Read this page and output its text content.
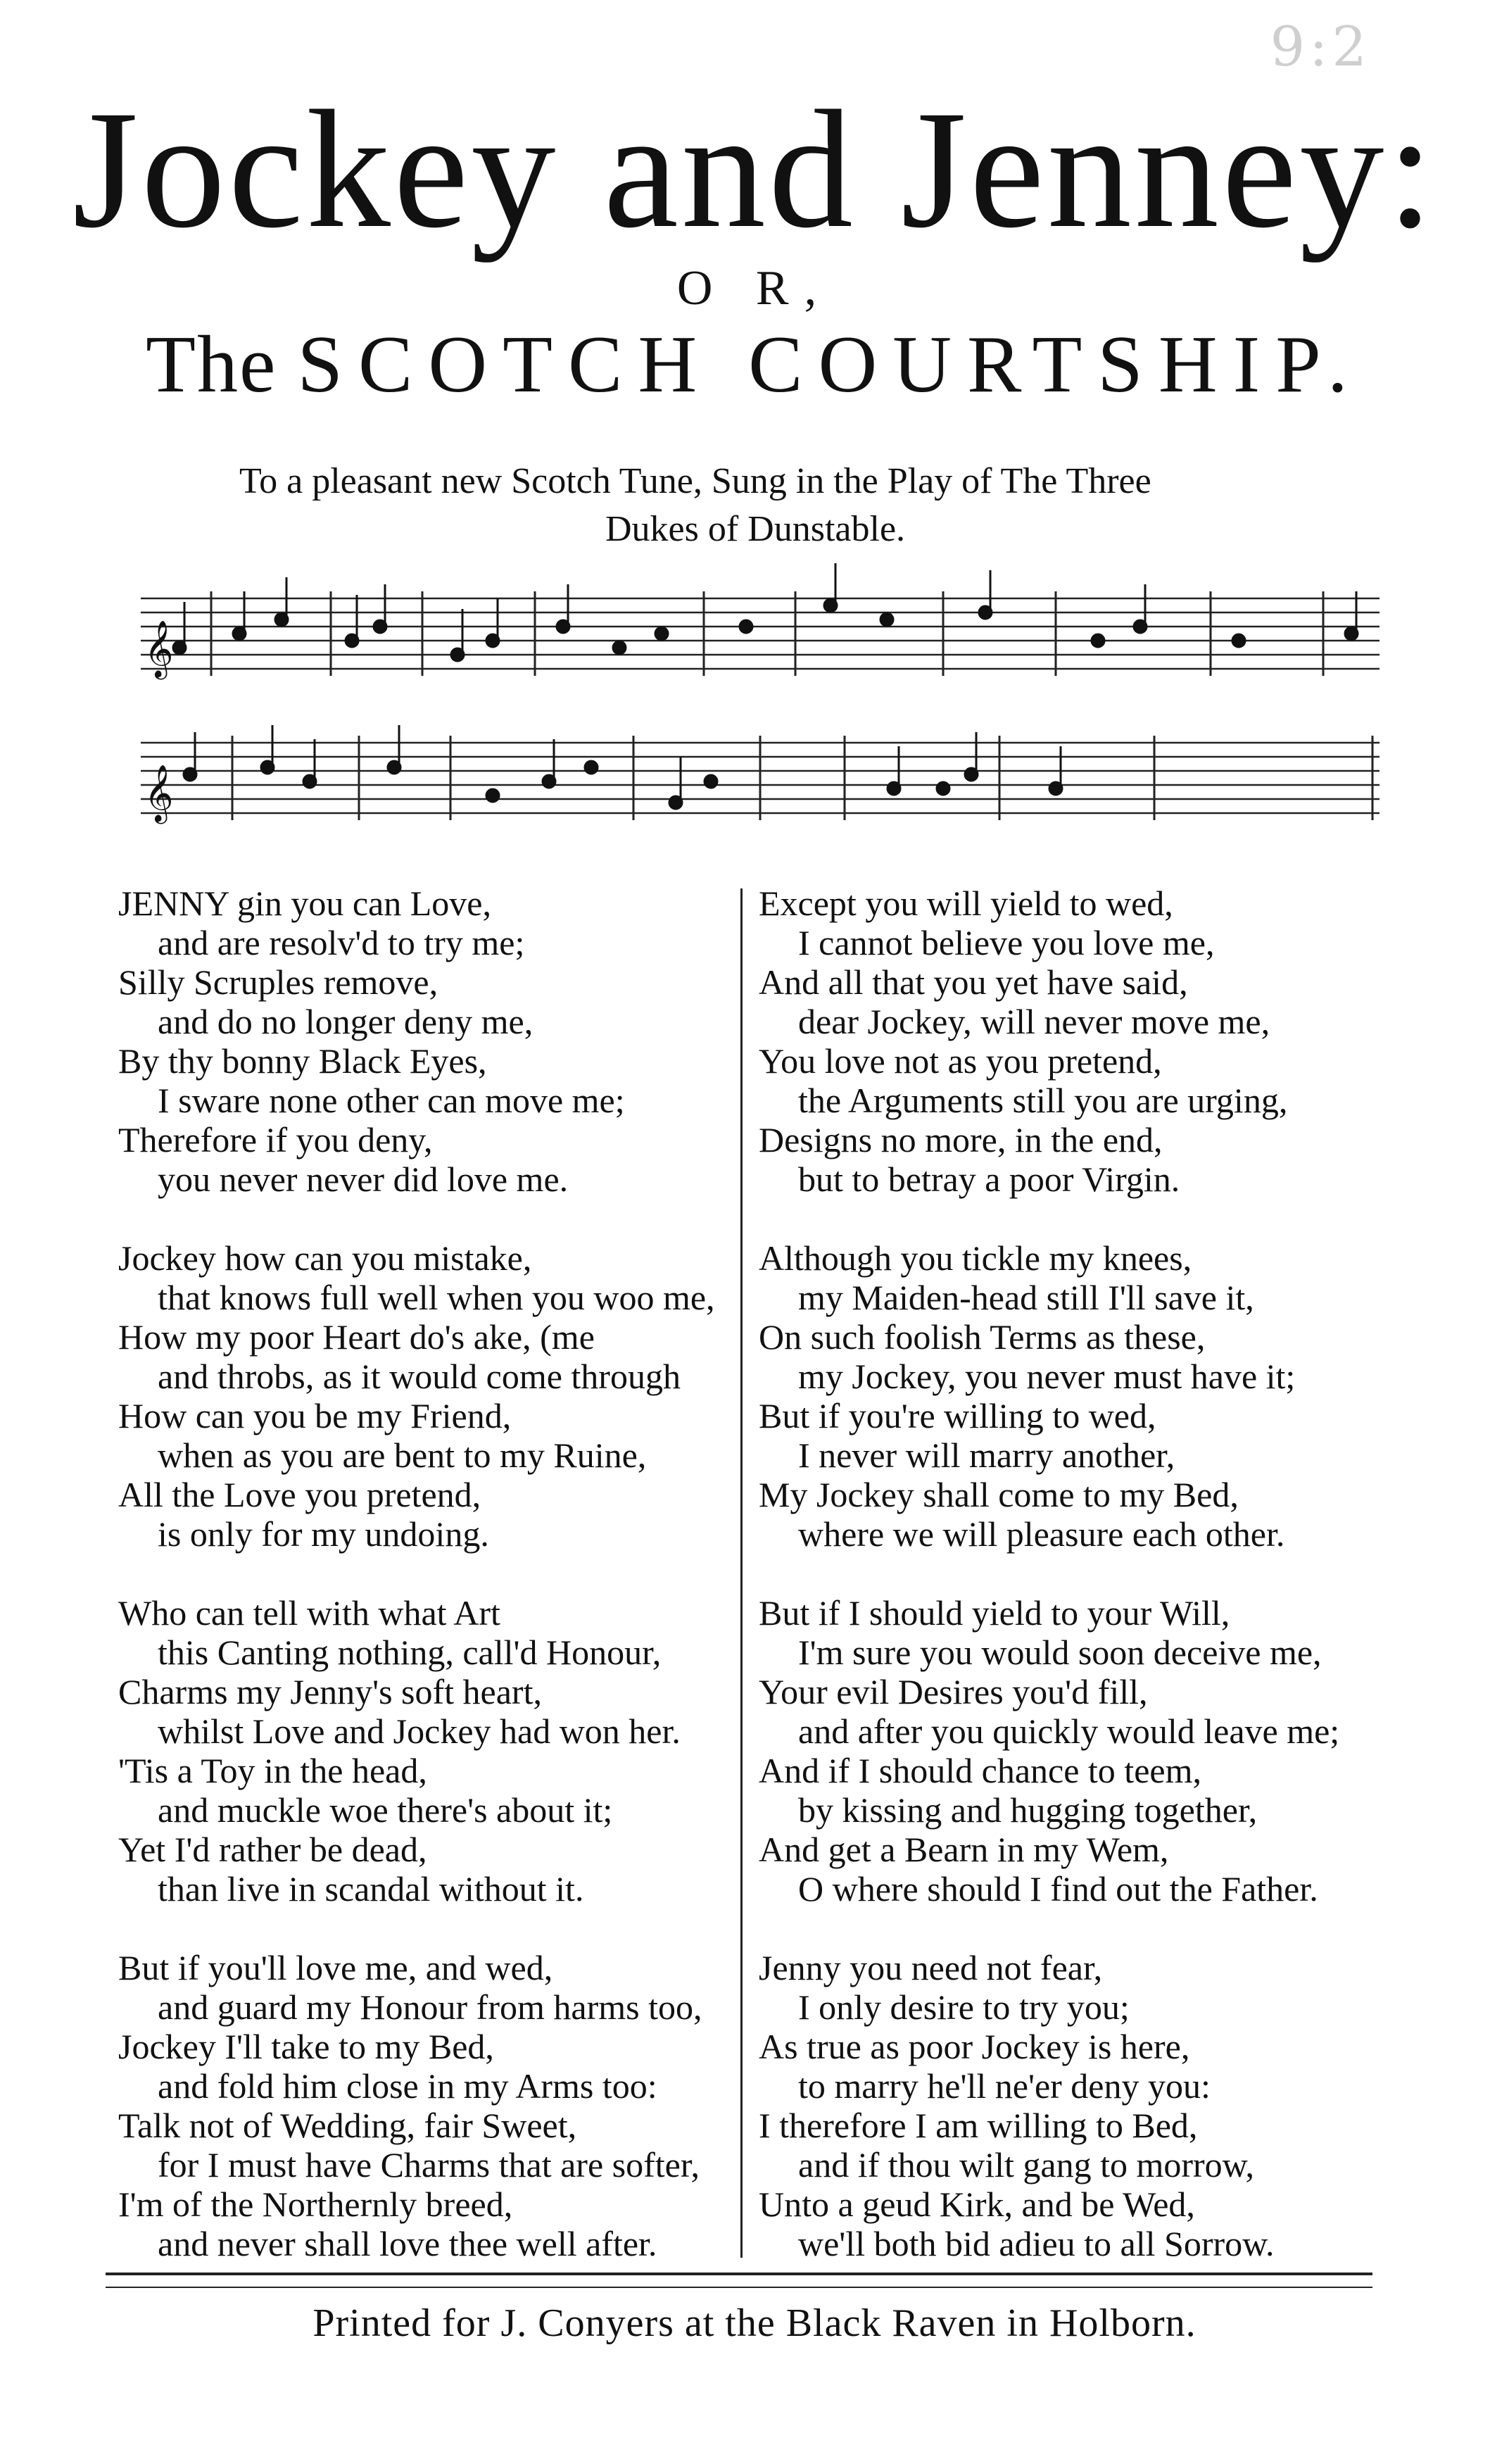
9:2
Jockey and Jenney:
O R,
The SCOTCH COURTSHIP.
To a pleasant new Scotch Tune, Sung in the Play of The Three
Dukes of Dunstable.
𝄞
𝄞
JENNY gin you can Love,
and are resolv'd to try me;
Silly Scruples remove,
and do no longer deny me,
By thy bonny Black Eyes,
I sware none other can move me;
Therefore if you deny,
you never never did love me.
Jockey how can you mistake,
that knows full well when you woo me,
How my poor Heart do's ake, (me
and throbs, as it would come through
How can you be my Friend,
when as you are bent to my Ruine,
All the Love you pretend,
is only for my undoing.
Who can tell with what Art
this Canting nothing, call'd Honour,
Charms my Jenny's soft heart,
whilst Love and Jockey had won her.
'Tis a Toy in the head,
and muckle woe there's about it;
Yet I'd rather be dead,
than live in scandal without it.
But if you'll love me, and wed,
and guard my Honour from harms too,
Jockey I'll take to my Bed,
and fold him close in my Arms too:
Talk not of Wedding, fair Sweet,
for I must have Charms that are softer,
I'm of the Northernly breed,
and never shall love thee well after.
Except you will yield to wed,
I cannot believe you love me,
And all that you yet have said,
dear Jockey, will never move me,
You love not as you pretend,
the Arguments still you are urging,
Designs no more, in the end,
but to betray a poor Virgin.
Although you tickle my knees,
my Maiden-head still I'll save it,
On such foolish Terms as these,
my Jockey, you never must have it;
But if you're willing to wed,
I never will marry another,
My Jockey shall come to my Bed,
where we will pleasure each other.
But if I should yield to your Will,
I'm sure you would soon deceive me,
Your evil Desires you'd fill,
and after you quickly would leave me;
And if I should chance to teem,
by kissing and hugging together,
And get a Bearn in my Wem,
O where should I find out the Father.
Jenny you need not fear,
I only desire to try you;
As true as poor Jockey is here,
to marry he'll ne'er deny you:
I therefore I am willing to Bed,
and if thou wilt gang to morrow,
Unto a geud Kirk, and be Wed,
we'll both bid adieu to all Sorrow.
Printed for J. Conyers at the Black Raven in Holborn.
